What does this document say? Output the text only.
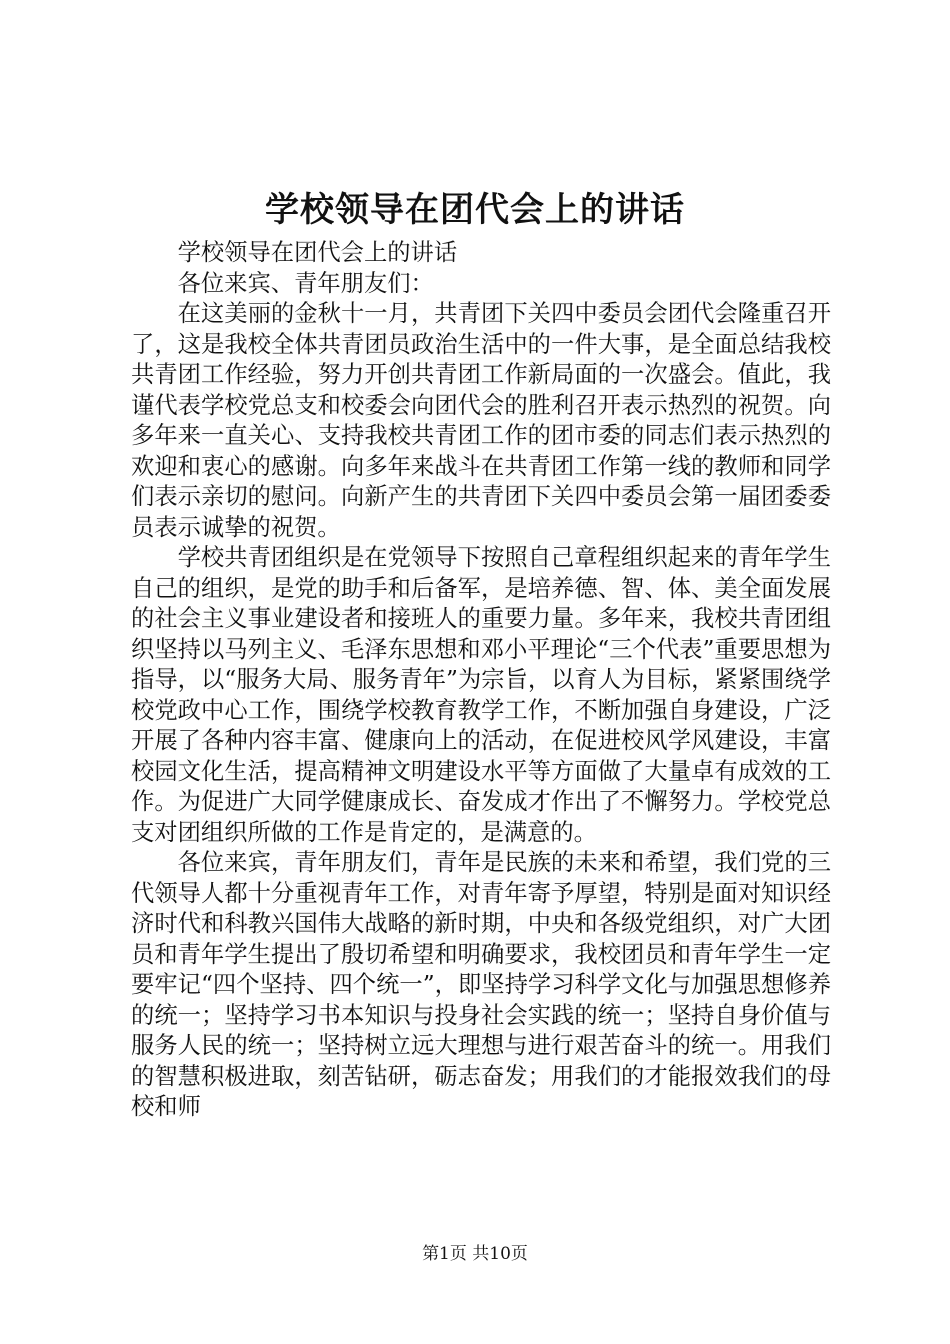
学校领导在团代会上的讲话

学校领导在团代会上的讲话

各位来宾、青年朋友们：

在这美丽的金秋十一月，共青团下关四中委员会团代会隆重召开了，这是我校全体共青团员政治生活中的一件大事，是全面总结我校共青团工作经验，努力开创共青团工作新局面的一次盛会。值此，我谨代表学校党总支和校委会向团代会的胜利召开表示热烈的祝贺。向多年来一直关心、支持我校共青团工作的团市委的同志们表示热烈的欢迎和衷心的感谢。向多年来战斗在共青团工作第一线的教师和同学们表示亲切的慰问。向新产生的共青团下关四中委员会第一届团委委员表示诚挚的祝贺。

学校共青团组织是在党领导下按照自己章程组织起来的青年学生自己的组织，是党的助手和后备军，是培养德、智、体、美全面发展的社会主义事业建设者和接班人的重要力量。多年来，我校共青团组织坚持以马列主义、毛泽东思想和邓小平理论“三个代表”重要思想为指导，以“服务大局、服务青年”为宗旨，以育人为目标，紧紧围绕学校党政中心工作，围绕学校教育教学工作，不断加强自身建设，广泛开展了各种内容丰富、健康向上的活动，在促进校风学风建设，丰富校园文化生活，提高精神文明建设水平等方面做了大量卓有成效的工作。为促进广大同学健康成长、奋发成才作出了不懈努力。学校党总支对团组织所做的工作是肯定的，是满意的。

各位来宾，青年朋友们，青年是民族的未来和希望，我们党的三代领导人都十分重视青年工作，对青年寄予厚望，特别是面对知识经济时代和科教兴国伟大战略的新时期，中央和各级党组织，对广大团员和青年学生提出了殷切希望和明确要求，我校团员和青年学生一定要牢记“四个坚持、四个统一”，即坚持学习科学文化与加强思想修养的统一；坚持学习书本知识与投身社会实践的统一；坚持自身价值与服务人民的统一；坚持树立远大理想与进行艰苦奋斗的统一。用我们的智慧积极进取，刻苦钻研，砺志奋发；用我们的才能报效我们的母校和师

第1页 共10页
